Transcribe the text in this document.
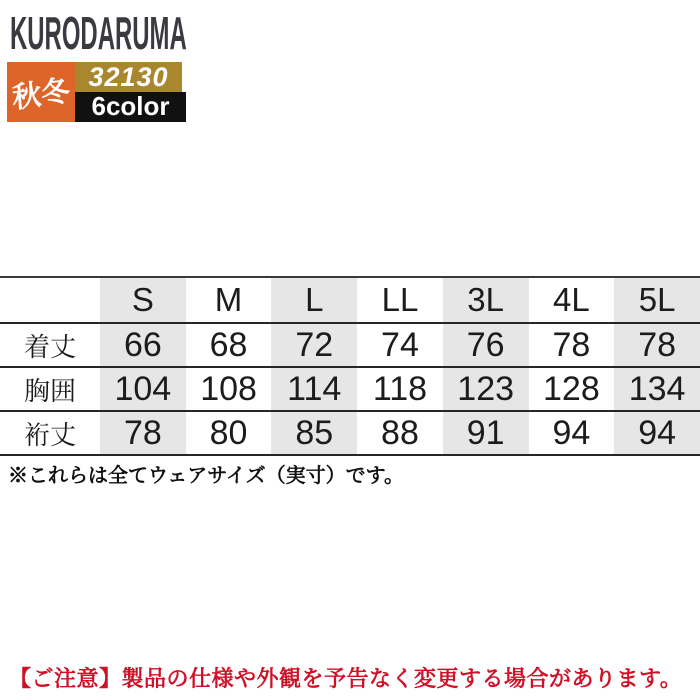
KURODARUMA
秋冬 32130
6color
	S	M	L	LL	3L	4L	5L
着丈	66	68	72	74	76	78	78
胸囲	104	108	114	118	123	128	134
裄丈	78	80	85	88	91	94	94
※これらは全てウェアサイズ（実寸）です。
【ご注意】製品の仕様や外観を予告なく変更する場合があります。
